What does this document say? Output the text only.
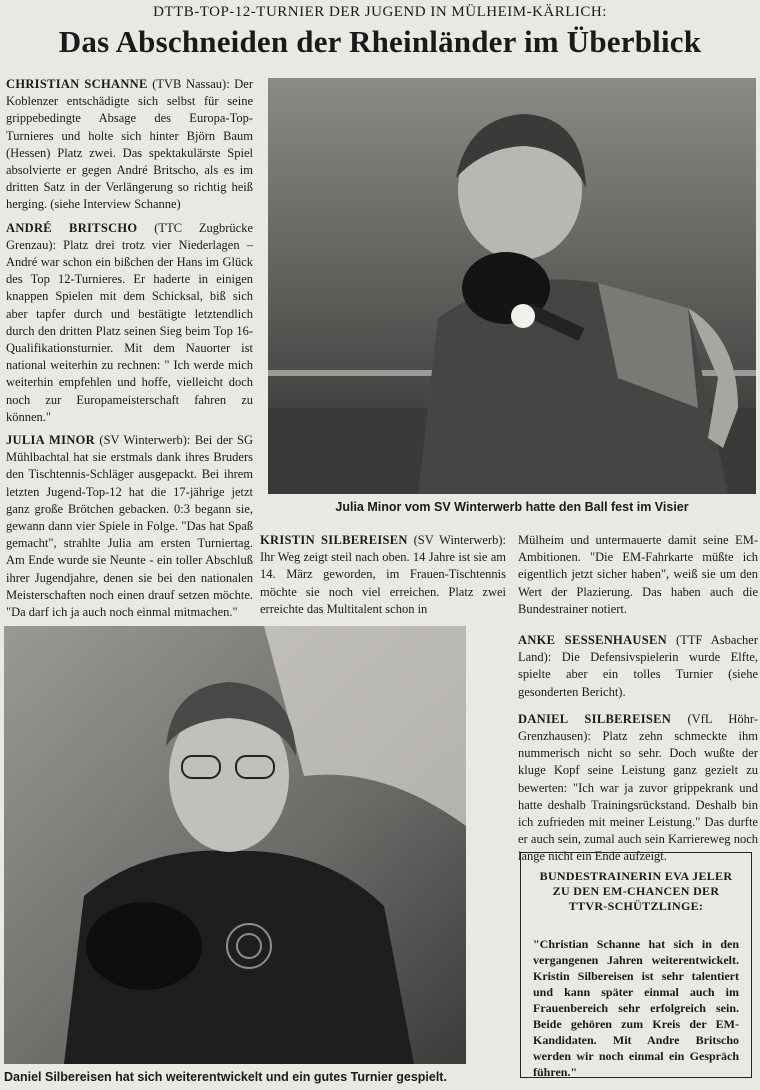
DTTB-TOP-12-TURNIER DER JUGEND IN MÜLHEIM-KÄRLICH:
Das Abschneiden der Rheinländer im Überblick

CHRISTIAN SCHANNE (TVB Nassau): Der Koblenzer entschädigte sich selbst für seine grippebedingte Absage des Europa-Top-Turnieres und holte sich hinter Björn Baum (Hessen) Platz zwei. Das spektakulärste Spiel absolvierte er gegen André Britscho, als es im dritten Satz in der Verlängerung so richtig heiß herging. (siehe Interview Schanne)

ANDRÉ BRITSCHO (TTC Zugbrücke Grenzau): Platz drei trotz vier Niederlagen – André war schon ein bißchen der Hans im Glück des Top 12-Turnieres. Er haderte in einigen knappen Spielen mit dem Schicksal, biß sich aber tapfer durch und bestätigte letztendlich durch den dritten Platz seinen Sieg beim Top 16-Qualifikationsturnier. Mit dem Nauorter ist national weiterhin zu rechnen: " Ich werde mich weiterhin empfehlen und hoffe, vielleicht doch noch zur Europameisterschaft fahren zu können."

JULIA MINOR (SV Winterwerb): Bei der SG Mühlbachtal hat sie erstmals dank ihres Bruders den Tischtennis-Schläger ausgepackt. Bei ihrem letzten Jugend-Top-12 hat die 17-jährige jetzt ganz große Brötchen gebacken. 0:3 begann sie, gewann dann vier Spiele in Folge. "Das hat Spaß gemacht", strahlte Julia am ersten Turniertag. Am Ende wurde sie Neunte - ein toller Abschluß ihrer Jugendjahre, denen sie bei den nationalen Meisterschaften noch einen drauf setzen möchte. "Da darf ich ja auch noch einmal mitmachen."

Julia Minor vom SV Winterwerb hatte den Ball fest im Visier

KRISTIN SILBEREISEN (SV Winterwerb): Ihr Weg zeigt steil nach oben. 14 Jahre ist sie am 14. März geworden, im Frauen-Tischtennis möchte sie noch viel erreichen. Platz zwei erreichte das Multitalent schon in

Mülheim und untermauerte damit seine EM-Ambitionen. "Die EM-Fahrkarte müßte ich eigentlich jetzt sicher haben", weiß sie um den Wert der Plazierung. Das haben auch die Bundestrainer notiert.

ANKE SESSENHAUSEN (TTF Asbacher Land): Die Defensivspielerin wurde Elfte, spielte aber ein tolles Turnier (siehe gesonderten Bericht).

DANIEL SILBEREISEN (VfL Höhr-Grenzhausen): Platz zehn schmeckte ihm nummerisch nicht so sehr. Doch wußte der kluge Kopf seine Leistung ganz gezielt zu bewerten: "Ich war ja zuvor grippekrank und hatte deshalb Trainingsrückstand. Deshalb bin ich zufrieden mit meiner Leistung." Das durfte er auch sein, zumal auch sein Karriereweg noch lange nicht ein Ende aufzeigt.

Daniel Silbereisen hat sich weiterentwickelt und ein gutes Turnier gespielt.
BUNDESTRAINERIN EVA JELER ZU DEN EM-CHANCEN DER TTVR-SCHÜTZLINGE:
"Christian Schanne hat sich in den vergangenen Jahren weiterentwickelt. Kristin Silbereisen ist sehr talentiert und kann später einmal auch im Frauenbereich sehr erfolgreich sein. Beide gehören zum Kreis der EM-Kandidaten. Mit Andre Britscho werden wir noch einmal ein Gespräch führen."
